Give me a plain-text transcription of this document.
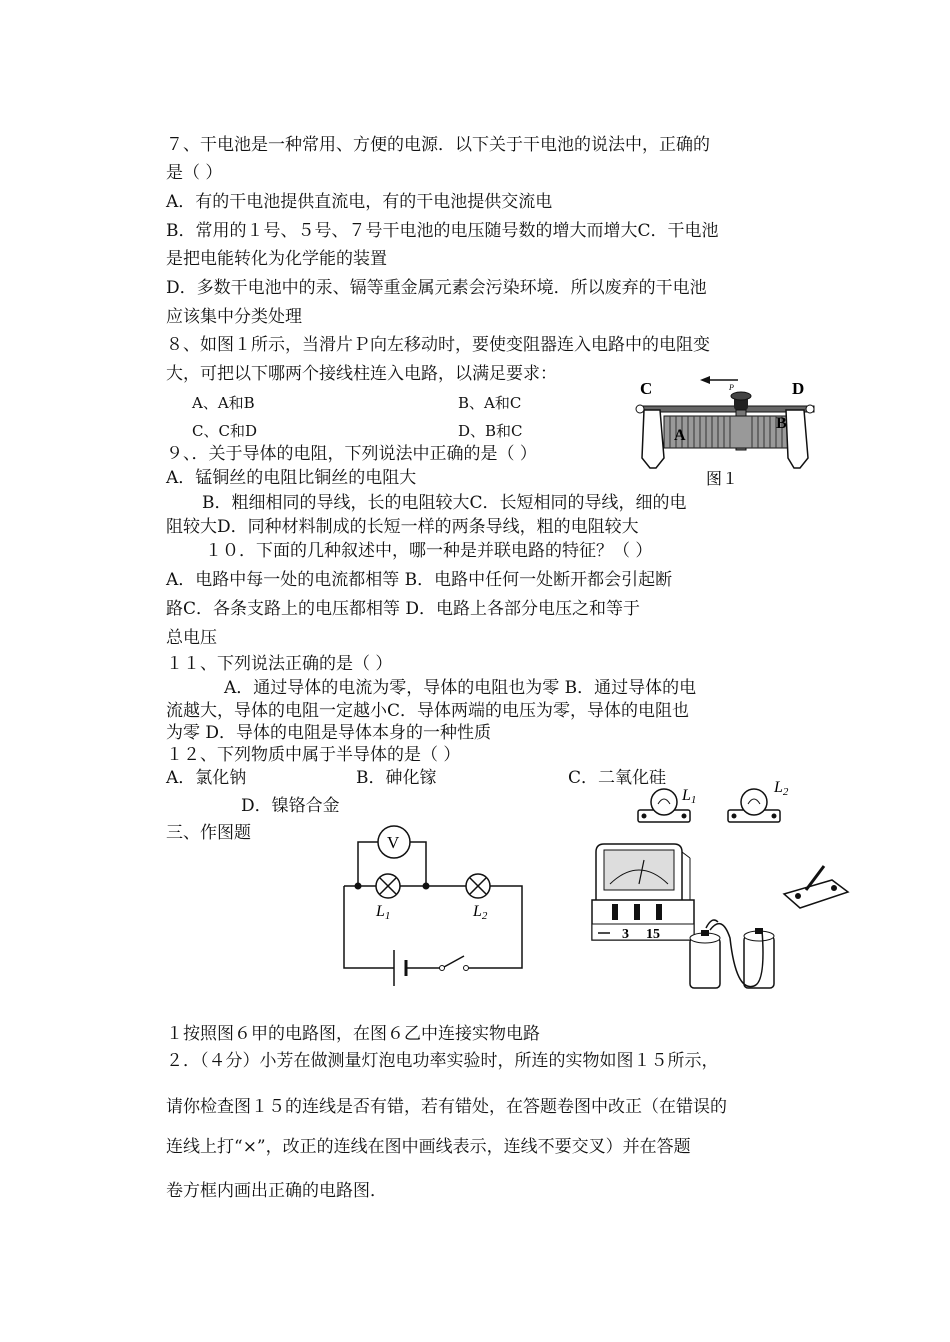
７、干电池是一种常用、方便的电源．以下关于干电池的说法中，正确的
是（ ）
A．有的干电池提供直流电，有的干电池提供交流电
B．常用的１号、５号、７号干电池的电压随号数的增大而增大C．干电池
是把电能转化为化学能的装置
D．多数干电池中的汞、镉等重金属元素会污染环境．所以废弃的干电池
应该集中分类处理
８、如图１所示，当滑片Ｐ向左移动时，要使变阻器连入电路中的电阻变
大，可把以下哪两个接线柱连入电路，以满足要求：
A、A和B	B、A和C
C、C和D	D、B和C
９、．关于导体的电阻，下列说法中正确的是（ ）
A．锰铜丝的电阻比铜丝的电阻大
B．粗细相同的导线，长的电阻较大C．长短相同的导线，细的电
阻较大D．同种材料制成的长短一样的两条导线，粗的电阻较大
１０．下面的几种叙述中，哪一种是并联电路的特征？（ ）
A．电路中每一处的电流都相等 B．电路中任何一处断开都会引起断
路C．各条支路上的电压都相等 D．电路上各部分电压之和等于
总电压
１１、下列说法正确的是（ ）
A．通过导体的电流为零，导体的电阻也为零 B．通过导体的电
流越大，导体的电阻一定越小C．导体两端的电压为零，导体的电阻也
为零 D．导体的电阻是导体本身的一种性质
１２、下列物质中属于半导体的是（ ）
A．氯化钠	B．砷化镓	C．二氧化硅
D．镍铬合金
三、作图题
１按照图６甲的电路图，在图６乙中连接实物电路
２．（４分）小芳在做测量灯泡电功率实验时，所连的实物如图１５所示，
请你检查图１５的连线是否有错，若有错处，在答题卷图中改正（在错误的
连线上打“×”，改正的连线在图中画线表示，连线不要交叉）并在答题
卷方框内画出正确的电路图．
C	D
P
A
B
图１
V
L1	L2
L1
L2
3 15
